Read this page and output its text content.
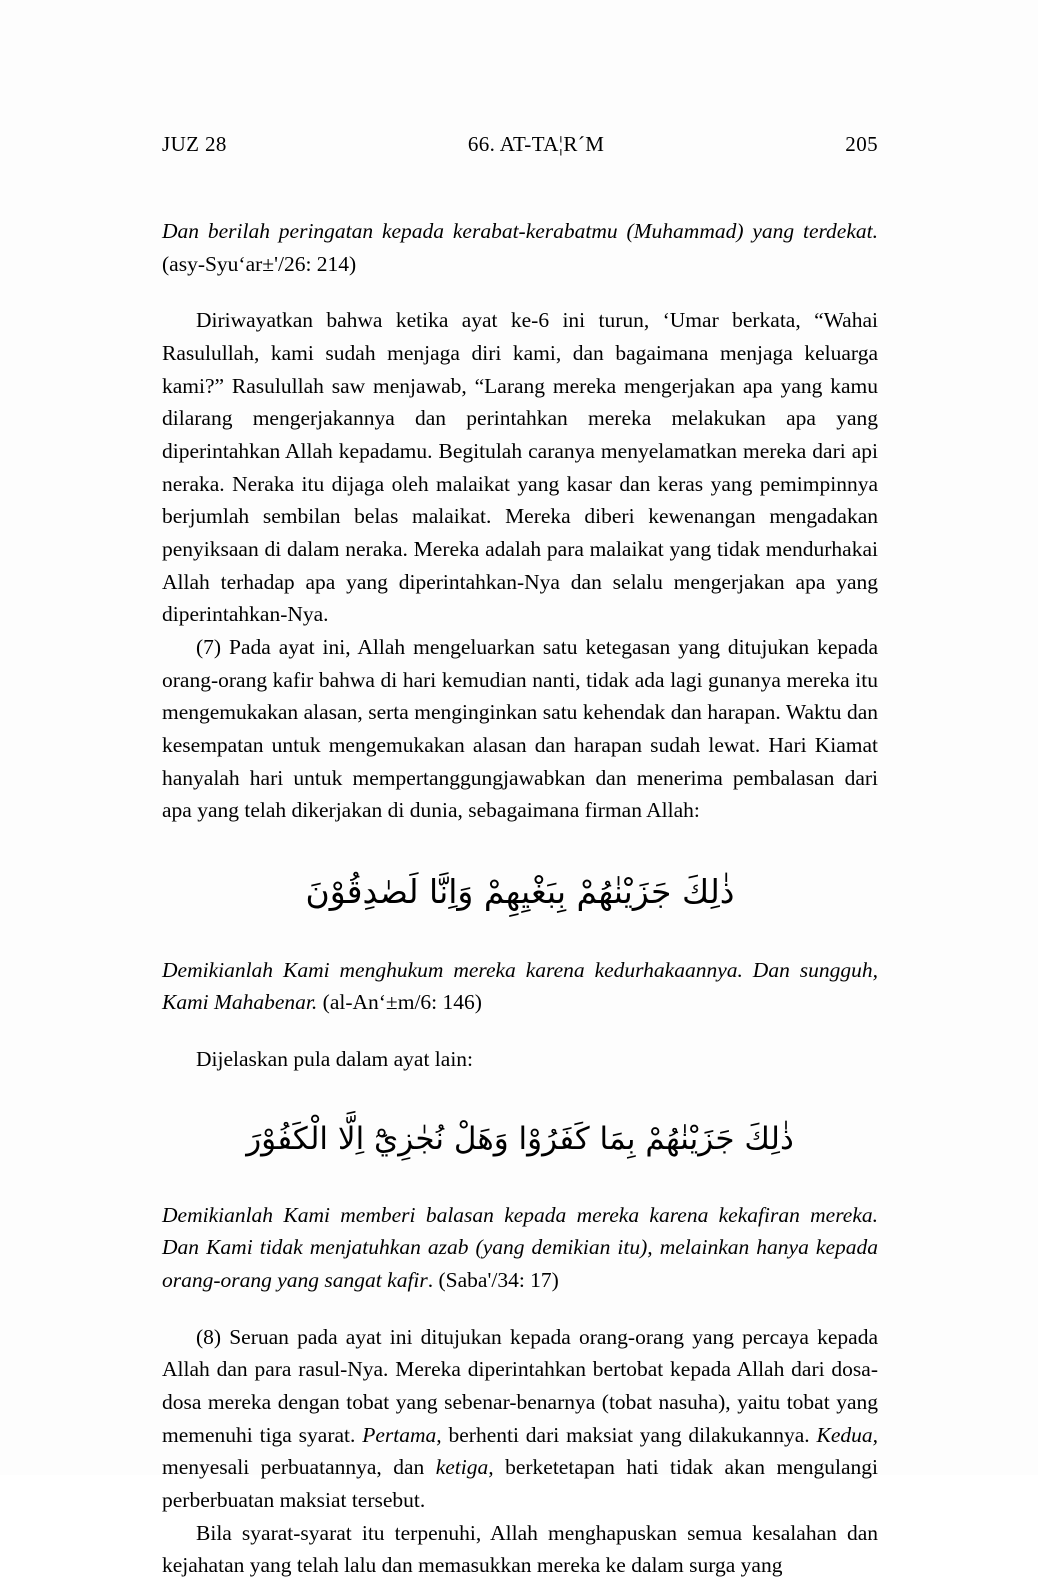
JUZ 28	66. AT-TA¦R´M	205

Dan berilah peringatan kepada kerabat-kerabatmu (Muhammad) yang terdekat. (asy-Syu‘ar±'/26: 214)

Diriwayatkan bahwa ketika ayat ke-6 ini turun, ‘Umar berkata, “Wahai Rasulullah, kami sudah menjaga diri kami, dan bagaimana menjaga keluarga kami?” Rasulullah saw menjawab, “Larang mereka mengerjakan apa yang kamu dilarang mengerjakannya dan perintahkan mereka melakukan apa yang diperintahkan Allah kepadamu. Begitulah caranya menyelamatkan mereka dari api neraka. Neraka itu dijaga oleh malaikat yang kasar dan keras yang pemimpinnya berjumlah sembilan belas malaikat. Mereka diberi kewenangan mengadakan penyiksaan di dalam neraka. Mereka adalah para malaikat yang tidak mendurhakai Allah terhadap apa yang diperintahkan-Nya dan selalu mengerjakan apa yang diperintahkan-Nya.

(7) Pada ayat ini, Allah mengeluarkan satu ketegasan yang ditujukan kepada orang-orang kafir bahwa di hari kemudian nanti, tidak ada lagi gunanya mereka itu mengemukakan alasan, serta menginginkan satu kehendak dan harapan. Waktu dan kesempatan untuk mengemukakan alasan dan harapan sudah lewat. Hari Kiamat hanyalah hari untuk mempertanggungjawabkan dan menerima pembalasan dari apa yang telah dikerjakan di dunia, sebagaimana firman Allah:

ذٰلِكَ جَزَيْنٰهُمْ بِبَغْيِهِمْ وَاِنَّا لَصٰدِقُوْنَ

Demikianlah Kami menghukum mereka karena kedurhakaannya. Dan sungguh, Kami Mahabenar. (al-An‘±m/6: 146)

Dijelaskan pula dalam ayat lain:

ذٰلِكَ جَزَيْنٰهُمْ بِمَا كَفَرُوْا وَهَلْ نُجٰزِيْٓ اِلَّا الْكَفُوْرَ

Demikianlah Kami memberi balasan kepada mereka karena kekafiran mereka. Dan Kami tidak menjatuhkan azab (yang demikian itu), melainkan hanya kepada orang-orang yang sangat kafir. (Saba'/34: 17)

(8) Seruan pada ayat ini ditujukan kepada orang-orang yang percaya kepada Allah dan para rasul-Nya. Mereka diperintahkan bertobat kepada Allah dari dosa-dosa mereka dengan tobat yang sebenar-benarnya (tobat nasuha), yaitu tobat yang memenuhi tiga syarat. Pertama, berhenti dari maksiat yang dilakukannya. Kedua, menyesali perbuatannya, dan ketiga, berketetapan hati tidak akan mengulangi perberbuatan maksiat tersebut.

Bila syarat-syarat itu terpenuhi, Allah menghapuskan semua kesalahan dan kejahatan yang telah lalu dan memasukkan mereka ke dalam surga yang
